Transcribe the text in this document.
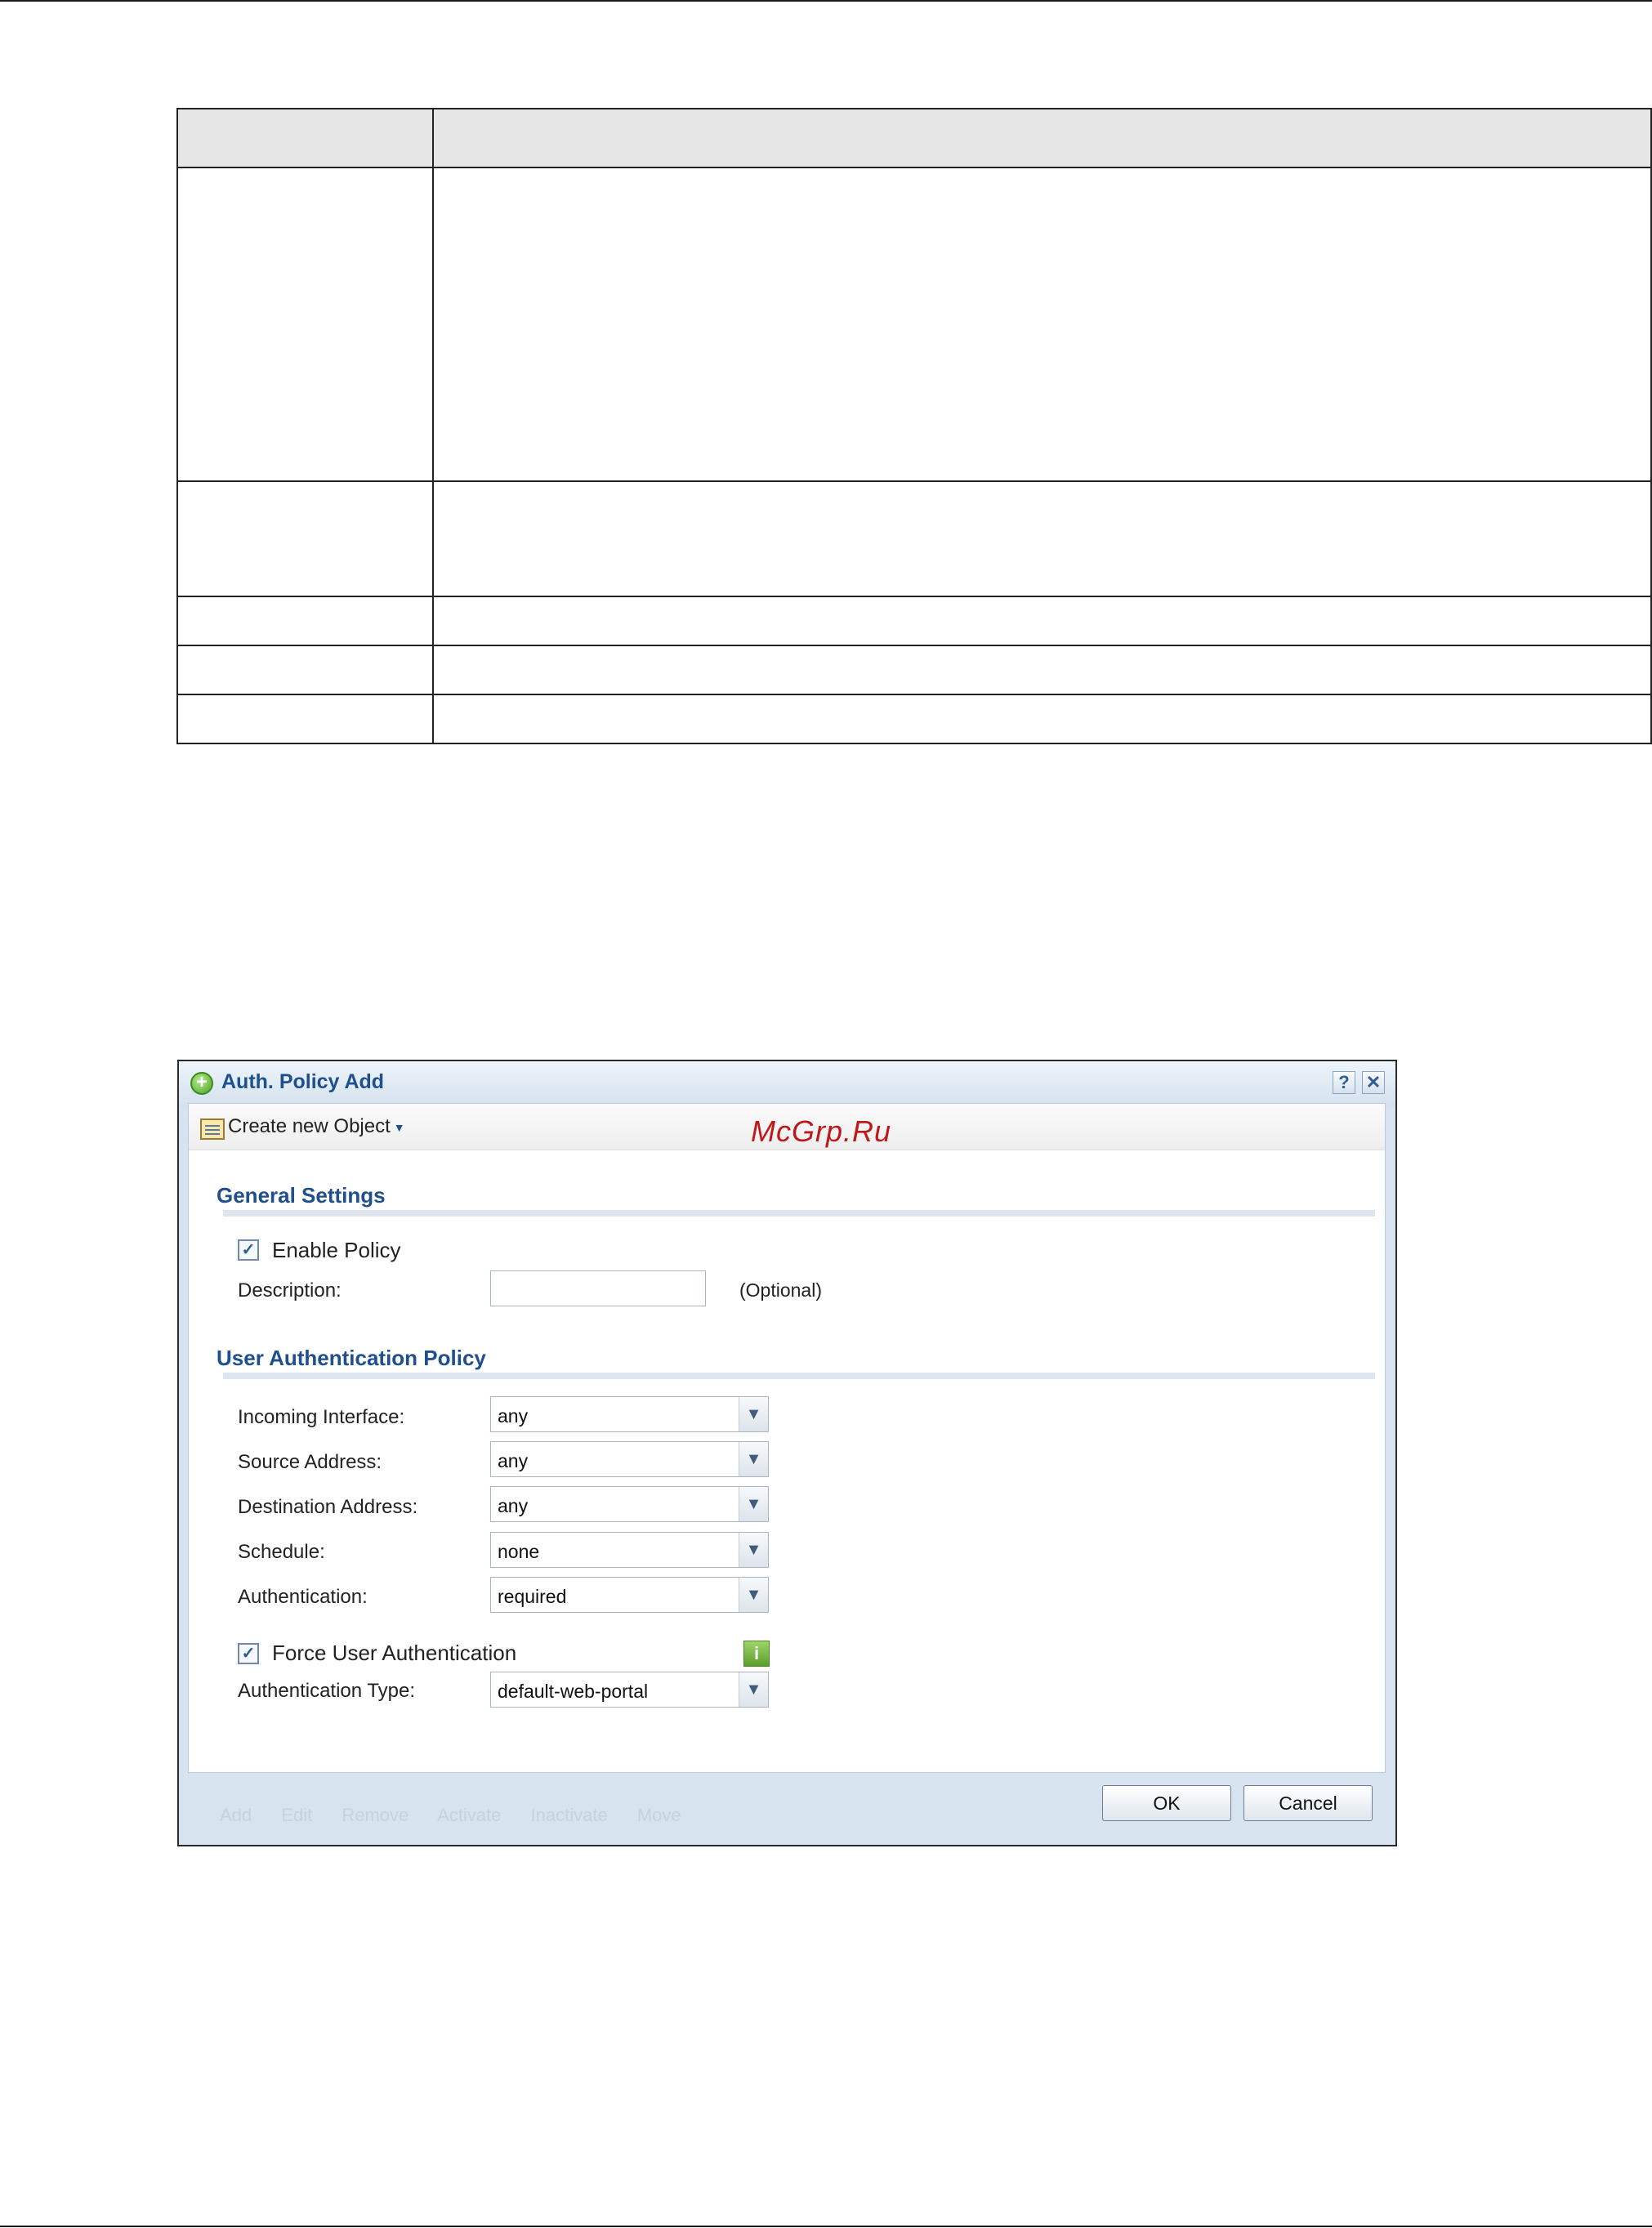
+ Auth. Policy Add	? ✕
Add Edit Remove Activate Inactivate Move
Create new Object ▼	McGrp.Ru
General Settings
✓ Enable Policy
Description:	(Optional)
User Authentication Policy
Incoming Interface:	any	▼
Source Address:	any	▼
Destination Address:	any	▼
Schedule:	none	▼
Authentication:	required	▼
✓ Force User Authentication	i
Authentication Type:	default-web-portal	▼
OK	Cancel
